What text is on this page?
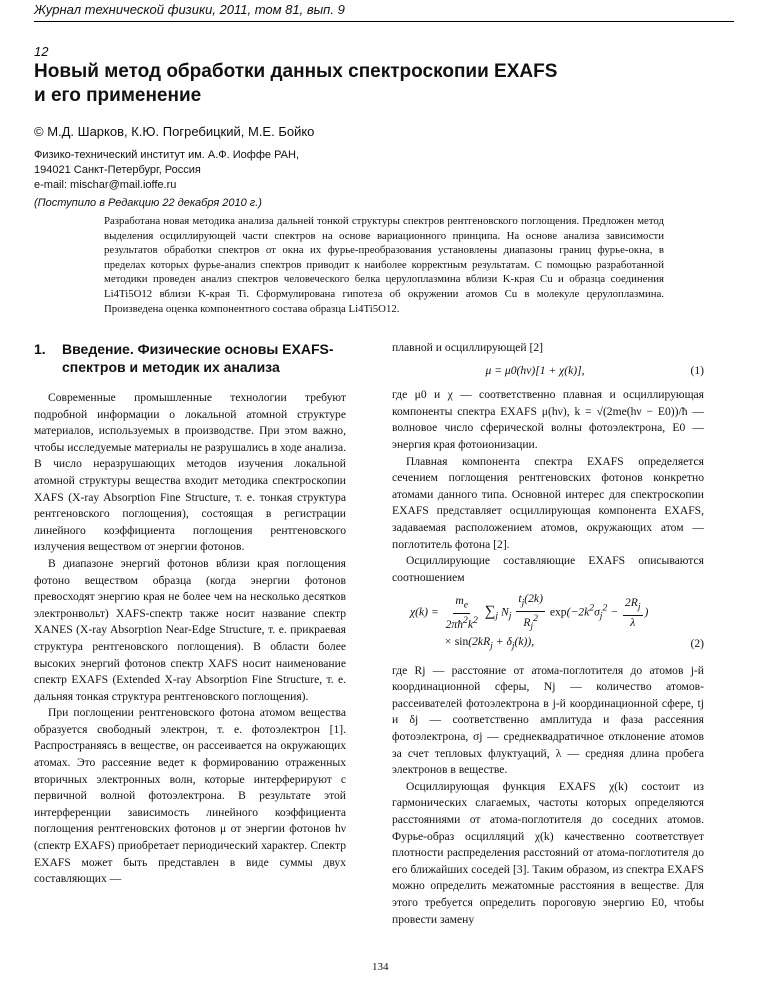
Журнал технической физики, 2011, том 81, вып. 9
12
Новый метод обработки данных спектроскопии EXAFS
и его применение
© М.Д. Шарков, К.Ю. Погребицкий, М.Е. Бойко
Физико-технический институт им. А.Ф. Иоффе РАН,
194021 Санкт-Петербург, Россия
e-mail: mischar@mail.ioffe.ru
(Поступило в Редакцию 22 декабря 2010 г.)

Разработана новая методика анализа дальней тонкой структуры спектров рентгеновского поглощения. Предложен метод выделения осциллирующей части спектров на основе вариационного принципа. На основе анализа зависимости результатов обработки спектров от окна их фурье-преобразования установлены диапазоны границ фурье-окна, в пределах которых фурье-анализ спектров приводит к наиболее корректным результатам. С помощью разработанной методики проведен анализ спектров человеческого белка церулоплазмина вблизи K-края Cu и образца соединения Li4Ti5O12 вблизи K-края Ti. Сформулирована гипотеза об окружении атомов Cu в молекуле церулоплазмина. Произведена оценка компонентного состава образца Li4Ti5O12.

1.	Введение. Физические основы EXAFS-спектров и методик их анализа

Современные промышленные технологии требуют подробной информации о локальной атомной структуре материалов, используемых в производстве. При этом важно, чтобы исследуемые материалы не разрушались в ходе анализа. В число неразрушающих методов изучения локальной атомной структуры вещества входит методика спектроскопии XAFS (X-ray Absorption Fine Structure, т. е. тонкая структура рентгеновского поглощения), состоящая в регистрации линейного коэффициента поглощения рентгеновского излучения веществом от энергии фотонов.

В диапазоне энергий фотонов вблизи края поглощения фотоно веществом образца (когда энергии фотонов превосходят энергию края не более чем на несколько десятков электронвольт) XAFS-спектр также носит название спектр XANES (X-ray Absorption Near-Edge Structure, т. е. прикраевая структура рентгеновского поглощения). В области более высоких энергий фотонов спектр XAFS носит наименование спектр EXAFS (Extended X-ray Absorption Fine Structure, т. е. дальняя тонкая структура рентгеновского поглощения).

При поглощении рентгеновского фотона атомом вещества образуется свободный электрон, т. е. фотоэлектрон [1]. Распространяясь в веществе, он рассеивается на окружающих атомах. Это рассеяние ведет к формированию отраженных вторичных электронных волн, которые интерферируют с первичной волной фотоэлектрона. В результате этой интерференции зависимость линейного коэффициента поглощения рентгеновских фотонов μ от энергии фотонов hν (спектр EXAFS) приобретает периодический характер. Спектр EXAFS может быть представлен в виде суммы двух составляющих —

плавной и осциллирующей [2]

μ = μ0(hν)[1 + χ(k)],	(1)

где μ0 и χ — соответственно плавная и осциллирующая компоненты спектра EXAFS μ(hν), k = √(2me(hν − E0))/ħ — волновое число сферической волны фотоэлектрона, E0 — энергия края фотоионизации.

Плавная компонента спектра EXAFS определяется сечением поглощения рентгеновских фотонов конкретно атомами данного типа. Основной интерес для спектроскопии EXAFS представляет осциллирующая компонента EXAFS, задаваемая расположением атомов, окружающих атом — поглотитель фотона [2].

Осциллирующие составляющие EXAFS описываются соотношением

$\chi(k) = \frac{m_e}{2\pi ħ^2k^2} \sum_j$ $N_j \frac{t_j(2k)}{R_j^2} \exp(-2k^2\sigma_j^2 - \frac{2R_j}{\lambda}$ )
× $\sin(2kR_j + \delta_j(k))$,	(2)

где Rj — расстояние от атома-поглотителя до атомов j-й координационной сферы, Nj — количество атомов-рассеивателей фотоэлектрона в j-й координационной сфере, tj и δj — соответственно амплитуда и фаза рассеяния фотоэлектрона, σj — среднеквадратичное отклонение атомов за счет тепловых флуктуаций, λ — средняя длина пробега электронов в веществе.

Осциллирующая функция EXAFS χ(k) состоит из гармонических слагаемых, частоты которых определяются расстояниями от атома-поглотителя до соседних атомов. Фурье-образ осцилляций χ(k) качественно соответствует плотности распределения расстояний от атома-поглотителя до его ближайших соседей [3]. Таким образом, из спектра EXAFS можно определить межатомные расстояния в веществе. Для этого требуется определить пороговую энергию E0, чтобы провести замену

134
